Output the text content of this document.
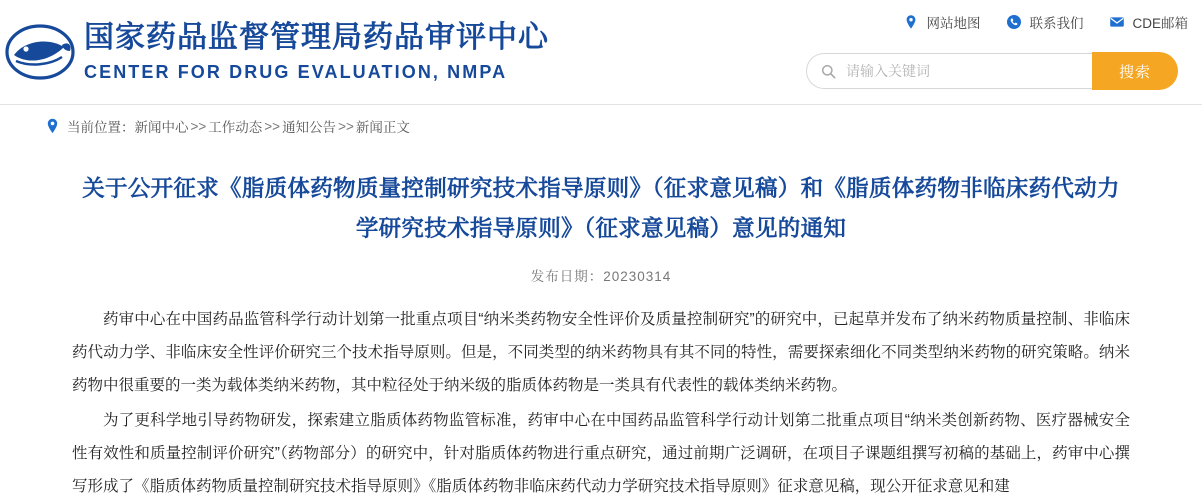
国家药品监督管理局药品审评中心
CENTER FOR DRUG EVALUATION, NMPA
网站地图	联系我们	CDE邮箱
请输入关键词
搜索
当前位置： 新闻中心 >> 工作动态 >> 通知公告 >> 新闻正文
关于公开征求《脂质体药物质量控制研究技术指导原则》（征求意见稿）和《脂质体药物非临床药代动力学研究技术指导原则》（征求意见稿）意见的通知
发布日期：20230314

药审中心在中国药品监管科学行动计划第一批重点项目“纳米类药物安全性评价及质量控制研究”的研究中，已起草并发布了纳米药物质量控制、非临床药代动力学、非临床安全性评价研究三个技术指导原则。但是，不同类型的纳米药物具有其不同的特性，需要探索细化不同类型纳米药物的研究策略。纳米药物中很重要的一类为载体类纳米药物，其中粒径处于纳米级的脂质体药物是一类具有代表性的载体类纳米药物。

为了更科学地引导药物研发，探索建立脂质体药物监管标准，药审中心在中国药品监管科学行动计划第二批重点项目“纳米类创新药物、医疗器械安全性有效性和质量控制评价研究”（药物部分）的研究中，针对脂质体药物进行重点研究，通过前期广泛调研，在项目子课题组撰写初稿的基础上，药审中心撰写形成了《脂质体药物质量控制研究技术指导原则》《脂质体药物非临床药代动力学研究技术指导原则》征求意见稿，现公开征求意见和建
